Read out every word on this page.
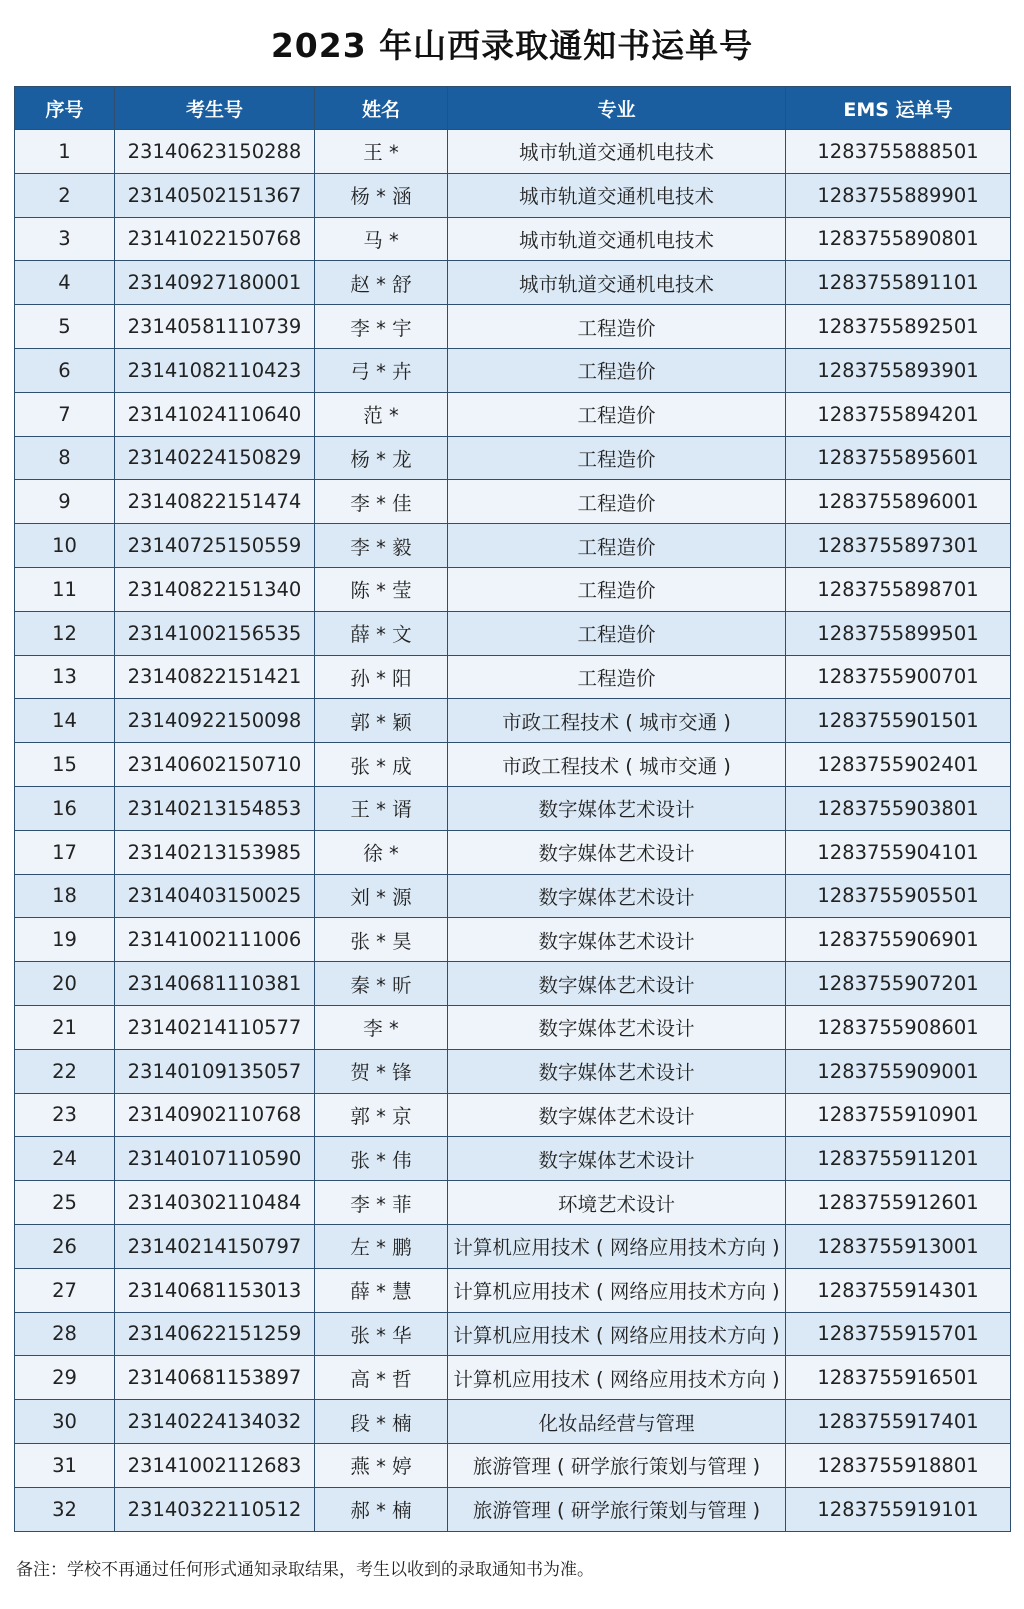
2023 年山西录取通知书运单号
序号	考生号	姓名	专业	EMS 运单号
1	23140623150288	王 *	城市轨道交通机电技术	1283755888501
2	23140502151367	杨 * 涵	城市轨道交通机电技术	1283755889901
3	23141022150768	马 *	城市轨道交通机电技术	1283755890801
4	23140927180001	赵 * 舒	城市轨道交通机电技术	1283755891101
5	23140581110739	李 * 宇	工程造价	1283755892501
6	23141082110423	弓 * 卉	工程造价	1283755893901
7	23141024110640	范 *	工程造价	1283755894201
8	23140224150829	杨 * 龙	工程造价	1283755895601
9	23140822151474	李 * 佳	工程造价	1283755896001
10	23140725150559	李 * 毅	工程造价	1283755897301
11	23140822151340	陈 * 莹	工程造价	1283755898701
12	23141002156535	薛 * 文	工程造价	1283755899501
13	23140822151421	孙 * 阳	工程造价	1283755900701
14	23140922150098	郭 * 颖	市政工程技术 ( 城市交通 )	1283755901501
15	23140602150710	张 * 成	市政工程技术 ( 城市交通 )	1283755902401
16	23140213154853	王 * 谞	数字媒体艺术设计	1283755903801
17	23140213153985	徐 *	数字媒体艺术设计	1283755904101
18	23140403150025	刘 * 源	数字媒体艺术设计	1283755905501
19	23141002111006	张 * 昊	数字媒体艺术设计	1283755906901
20	23140681110381	秦 * 昕	数字媒体艺术设计	1283755907201
21	23140214110577	李 *	数字媒体艺术设计	1283755908601
22	23140109135057	贺 * 锋	数字媒体艺术设计	1283755909001
23	23140902110768	郭 * 京	数字媒体艺术设计	1283755910901
24	23140107110590	张 * 伟	数字媒体艺术设计	1283755911201
25	23140302110484	李 * 菲	环境艺术设计	1283755912601
26	23140214150797	左 * 鹏	计算机应用技术 ( 网络应用技术方向 )	1283755913001
27	23140681153013	薛 * 慧	计算机应用技术 ( 网络应用技术方向 )	1283755914301
28	23140622151259	张 * 华	计算机应用技术 ( 网络应用技术方向 )	1283755915701
29	23140681153897	高 * 哲	计算机应用技术 ( 网络应用技术方向 )	1283755916501
30	23140224134032	段 * 楠	化妆品经营与管理	1283755917401
31	23141002112683	燕 * 婷	旅游管理 ( 研学旅行策划与管理 )	1283755918801
32	23140322110512	郝 * 楠	旅游管理 ( 研学旅行策划与管理 )	1283755919101
备注：学校不再通过任何形式通知录取结果，考生以收到的录取通知书为准。
